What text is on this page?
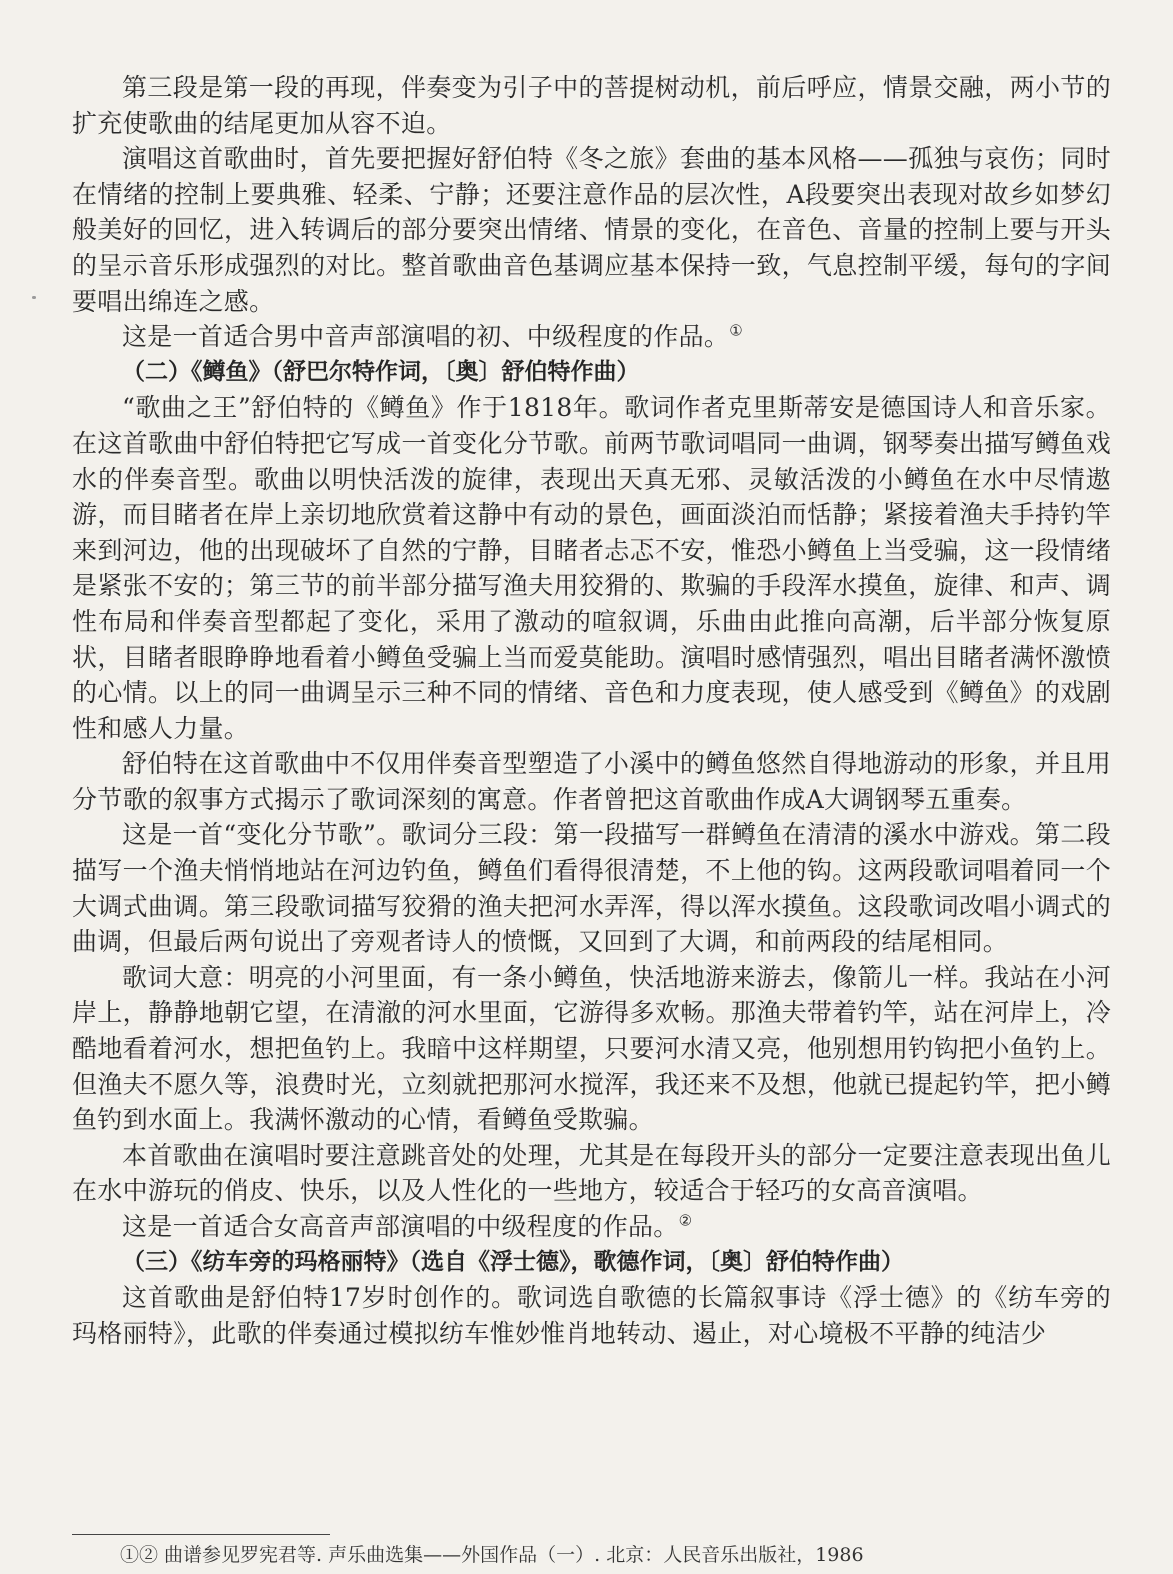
第三段是第一段的再现，伴奏变为引子中的菩提树动机，前后呼应，情景交融，两小节的扩充使歌曲的结尾更加从容不迫。

演唱这首歌曲时，首先要把握好舒伯特《冬之旅》套曲的基本风格——孤独与哀伤；同时在情绪的控制上要典雅、轻柔、宁静；还要注意作品的层次性，A段要突出表现对故乡如梦幻般美好的回忆，进入转调后的部分要突出情绪、情景的变化，在音色、音量的控制上要与开头的呈示音乐形成强烈的对比。整首歌曲音色基调应基本保持一致，气息控制平缓，每句的字间要唱出绵连之感。

这是一首适合男中音声部演唱的初、中级程度的作品。①

（二）《鳟鱼》（舒巴尔特作词，〔奥〕舒伯特作曲）

“歌曲之王”舒伯特的《鳟鱼》作于1818年。歌词作者克里斯蒂安是德国诗人和音乐家。在这首歌曲中舒伯特把它写成一首变化分节歌。前两节歌词唱同一曲调，钢琴奏出描写鳟鱼戏水的伴奏音型。歌曲以明快活泼的旋律，表现出天真无邪、灵敏活泼的小鳟鱼在水中尽情遨游，而目睹者在岸上亲切地欣赏着这静中有动的景色，画面淡泊而恬静；紧接着渔夫手持钓竿来到河边，他的出现破坏了自然的宁静，目睹者忐忑不安，惟恐小鳟鱼上当受骗，这一段情绪是紧张不安的；第三节的前半部分描写渔夫用狡猾的、欺骗的手段浑水摸鱼，旋律、和声、调性布局和伴奏音型都起了变化，采用了激动的喧叙调，乐曲由此推向高潮，后半部分恢复原状，目睹者眼睁睁地看着小鳟鱼受骗上当而爱莫能助。演唱时感情强烈，唱出目睹者满怀激愤的心情。以上的同一曲调呈示三种不同的情绪、音色和力度表现，使人感受到《鳟鱼》的戏剧性和感人力量。

舒伯特在这首歌曲中不仅用伴奏音型塑造了小溪中的鳟鱼悠然自得地游动的形象，并且用分节歌的叙事方式揭示了歌词深刻的寓意。作者曾把这首歌曲作成A大调钢琴五重奏。

这是一首“变化分节歌”。歌词分三段：第一段描写一群鳟鱼在清清的溪水中游戏。第二段描写一个渔夫悄悄地站在河边钓鱼，鳟鱼们看得很清楚，不上他的钩。这两段歌词唱着同一个大调式曲调。第三段歌词描写狡猾的渔夫把河水弄浑，得以浑水摸鱼。这段歌词改唱小调式的曲调，但最后两句说出了旁观者诗人的愤慨，又回到了大调，和前两段的结尾相同。

歌词大意：明亮的小河里面，有一条小鳟鱼，快活地游来游去，像箭儿一样。我站在小河岸上，静静地朝它望，在清澈的河水里面，它游得多欢畅。那渔夫带着钓竿，站在河岸上，冷酷地看着河水，想把鱼钓上。我暗中这样期望，只要河水清又亮，他别想用钓钩把小鱼钓上。但渔夫不愿久等，浪费时光，立刻就把那河水搅浑，我还来不及想，他就已提起钓竿，把小鳟鱼钓到水面上。我满怀激动的心情，看鳟鱼受欺骗。

本首歌曲在演唱时要注意跳音处的处理，尤其是在每段开头的部分一定要注意表现出鱼儿在水中游玩的俏皮、快乐，以及人性化的一些地方，较适合于轻巧的女高音演唱。

这是一首适合女高音声部演唱的中级程度的作品。②

（三）《纺车旁的玛格丽特》（选自《浮士德》，歌德作词，〔奥〕舒伯特作曲）

这首歌曲是舒伯特17岁时创作的。歌词选自歌德的长篇叙事诗《浮士德》的《纺车旁的玛格丽特》，此歌的伴奏通过模拟纺车惟妙惟肖地转动、遏止，对心境极不平静的纯洁少

①② 曲谱参见罗宪君等. 声乐曲选集——外国作品（一）. 北京：人民音乐出版社，1986
